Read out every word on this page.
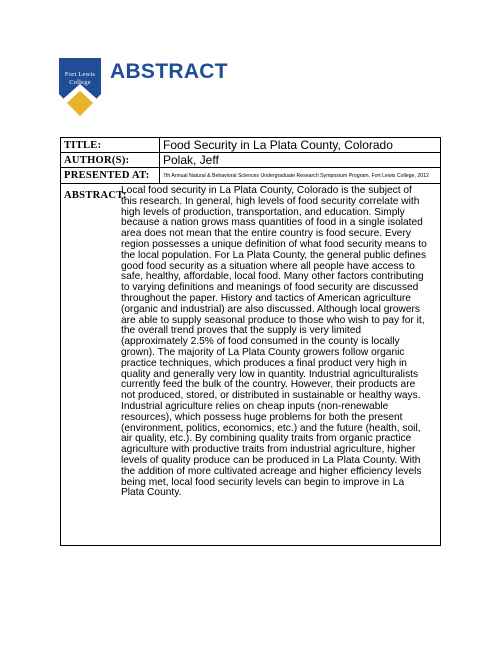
Fort Lewis
College ABSTRACT
TITLE:	Food Security in La Plata County, Colorado
AUTHOR(S):	Polak, Jeff
PRESENTED AT:	7th Annual Natural & Behavioral Sciences Undergraduate Research Symposium Program, Fort Lewis College, 2012
ABSTRACT:

Local food security in La Plata County, Colorado is the subject of this research. In general, high levels of food security correlate with high levels of production, transportation, and education. Simply because a nation grows mass quantities of food in a single isolated area does not mean that the entire country is food secure. Every region possesses a unique definition of what food security means to the local population. For La Plata County, the general public defines good food security as a situation where all people have access to safe, healthy, affordable, local food. Many other factors contributing to varying definitions and meanings of food security are discussed throughout the paper. History and tactics of American agriculture (organic and industrial) are also discussed. Although local growers are able to supply seasonal produce to those who wish to pay for it, the overall trend proves that the supply is very limited (approximately 2.5% of food consumed in the county is locally grown). The majority of La Plata County growers follow organic practice techniques, which produces a final product very high in quality and generally very low in quantity. Industrial agriculturalists currently feed the bulk of the country. However, their products are not produced, stored, or distributed in sustainable or healthy ways. Industrial agriculture relies on cheap inputs (non-renewable resources), which possess huge problems for both the present (environment, politics, economics, etc.) and the future (health, soil, air quality, etc.). By combining quality traits from organic practice agriculture with productive traits from industrial agriculture, higher levels of quality produce can be produced in La Plata County. With the addition of more cultivated acreage and higher efficiency levels being met, local food security levels can begin to improve in La Plata County.
